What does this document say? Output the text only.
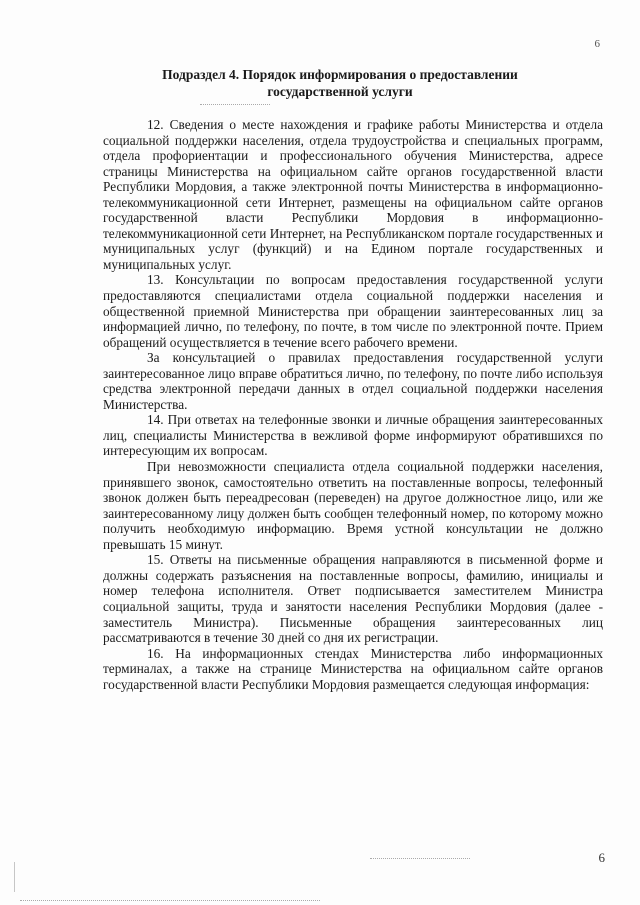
6
Подраздел 4. Порядок информирования о предоставлении
государственной услуги

12. Сведения о месте нахождения и графике работы Министерства и отдела социальной поддержки населения, отдела трудоустройства и специальных программ, отдела профориентации и профессионального обучения Министерства, адресе страницы Министерства на официальном сайте органов государственной власти Республики Мордовия, а также электронной почты Министерства в информационно-телекоммуникационной сети Интернет, размещены на официальном сайте органов государственной власти Республики Мордовия в информационно-телекоммуникационной сети Интернет, на Республиканском портале государственных и муниципальных услуг (функций) и на Едином портале государственных и муниципальных услуг.

13. Консультации по вопросам предоставления государственной услуги предоставляются специалистами отдела социальной поддержки населения и общественной приемной Министерства при обращении заинтересованных лиц за информацией лично, по телефону, по почте, в том числе по электронной почте. Прием обращений осуществляется в течение всего рабочего времени.

За консультацией о правилах предоставления государственной услуги заинтересованное лицо вправе обратиться лично, по телефону, по почте либо используя средства электронной передачи данных в отдел социальной поддержки населения Министерства.

14. При ответах на телефонные звонки и личные обращения заинтересованных лиц, специалисты Министерства в вежливой форме информируют обратившихся по интересующим их вопросам.

При невозможности специалиста отдела социальной поддержки населения, принявшего звонок, самостоятельно ответить на поставленные вопросы, телефонный звонок должен быть переадресован (переведен) на другое должностное лицо, или же заинтересованному лицу должен быть сообщен телефонный номер, по которому можно получить необходимую информацию. Время устной консультации не должно превышать 15 минут.

15. Ответы на письменные обращения направляются в письменной форме и должны содержать разъяснения на поставленные вопросы, фамилию, инициалы и номер телефона исполнителя. Ответ подписывается заместителем Министра социальной защиты, труда и занятости населения Республики Мордовия (далее - заместитель Министра). Письменные обращения заинтересованных лиц рассматриваются в течение 30 дней со дня их регистрации.

16. На информационных стендах Министерства либо информационных терминалах, а также на странице Министерства на официальном сайте органов государственной власти Республики Мордовия размещается следующая информация:

6
